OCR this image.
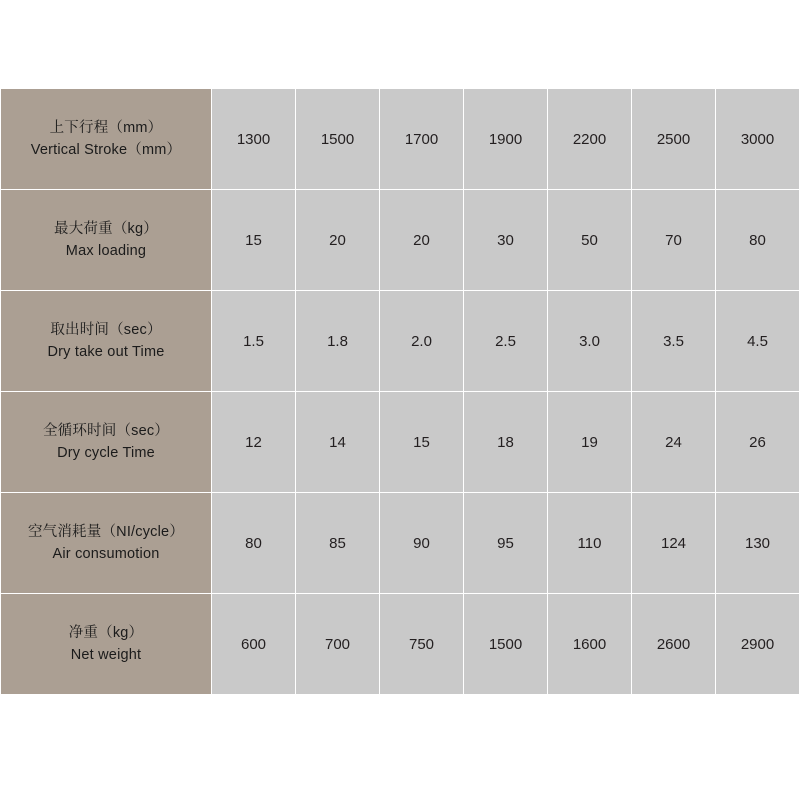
上下行程（mm）
Vertical Stroke（mm）	1300	1500	1700	1900	2200	2500	3000

最大荷重（kg）
Max loading	15	20	20	30	50	70	80

取出时间（sec）
Dry take out Time	1.5	1.8	2.0	2.5	3.0	3.5	4.5

全循环时间（sec）
Dry cycle Time	12	14	15	18	19	24	26

空气消耗量（NI/cycle）
Air consumotion	80	85	90	95	110	124	130

净重（kg）
Net weight	600	700	750	1500	1600	2600	2900
